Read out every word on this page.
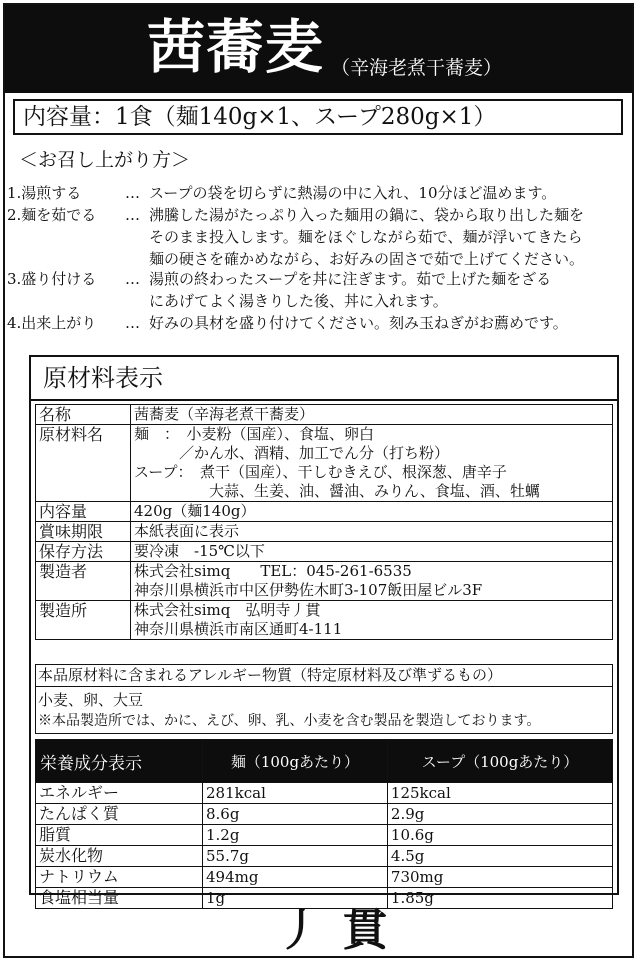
茜蕎麦 （辛海老煮干蕎麦）
内容量：1食（麺140g×1、スープ280g×1）
＜お召し上がり方＞
1.湯煎する	… スープの袋を切らずに熱湯の中に入れ、10分ほど温めます。
2.麺を茹でる … 沸騰した湯がたっぷり入った麺用の鍋に、袋から取り出した麺を
そのまま投入します。麺をほぐしながら茹で、麺が浮いてきたら
麺の硬さを確かめながら、お好みの固さで茹で上げてください。
3.盛り付ける … 湯煎の終わったスープを丼に注ぎます。茹で上げた麺をざる
にあげてよく湯きりした後、丼に入れます。
4.出来上がり … 好みの具材を盛り付けてください。刻み玉ねぎがお薦めです。
原材料表示
名称	茜蕎麦（辛海老煮干蕎麦）

原材料名	麺　：　小麦粉（国産）、食塩、卵白
　　　／かん水、酒精、加工でん分（打ち粉）
スープ：　煮干（国産）、干しむきえび、根深葱、唐辛子
　　　　　大蒜、生姜、油、醤油、みりん、食塩、酒、牡蠣

内容量	420g（麺140g）

賞味期限	本紙表面に表示

保存方法	要冷凍　-15℃以下

製造者	株式会社simq　　TEL：045-261-6535
神奈川県横浜市中区伊勢佐木町3-107飯田屋ビル3F

製造所	株式会社simq　弘明寺丿貫
神奈川県横浜市南区通町4-111
本品原材料に含まれるアレルギー物質（特定原材料及び準ずるもの）
小麦、卵、大豆
※本品製造所では、かに、えび、卵、乳、小麦を含む製品を製造しております。
栄養成分表示	麺（100gあたり）	スープ（100gあたり）
エネルギー	281kcal	125kcal
たんぱく質	8.6g	2.9g
脂質	1.2g	10.6g
炭水化物	55.7g	4.5g
ナトリウム	494mg	730mg
食塩相当量	1g	1.85g
丿貫
